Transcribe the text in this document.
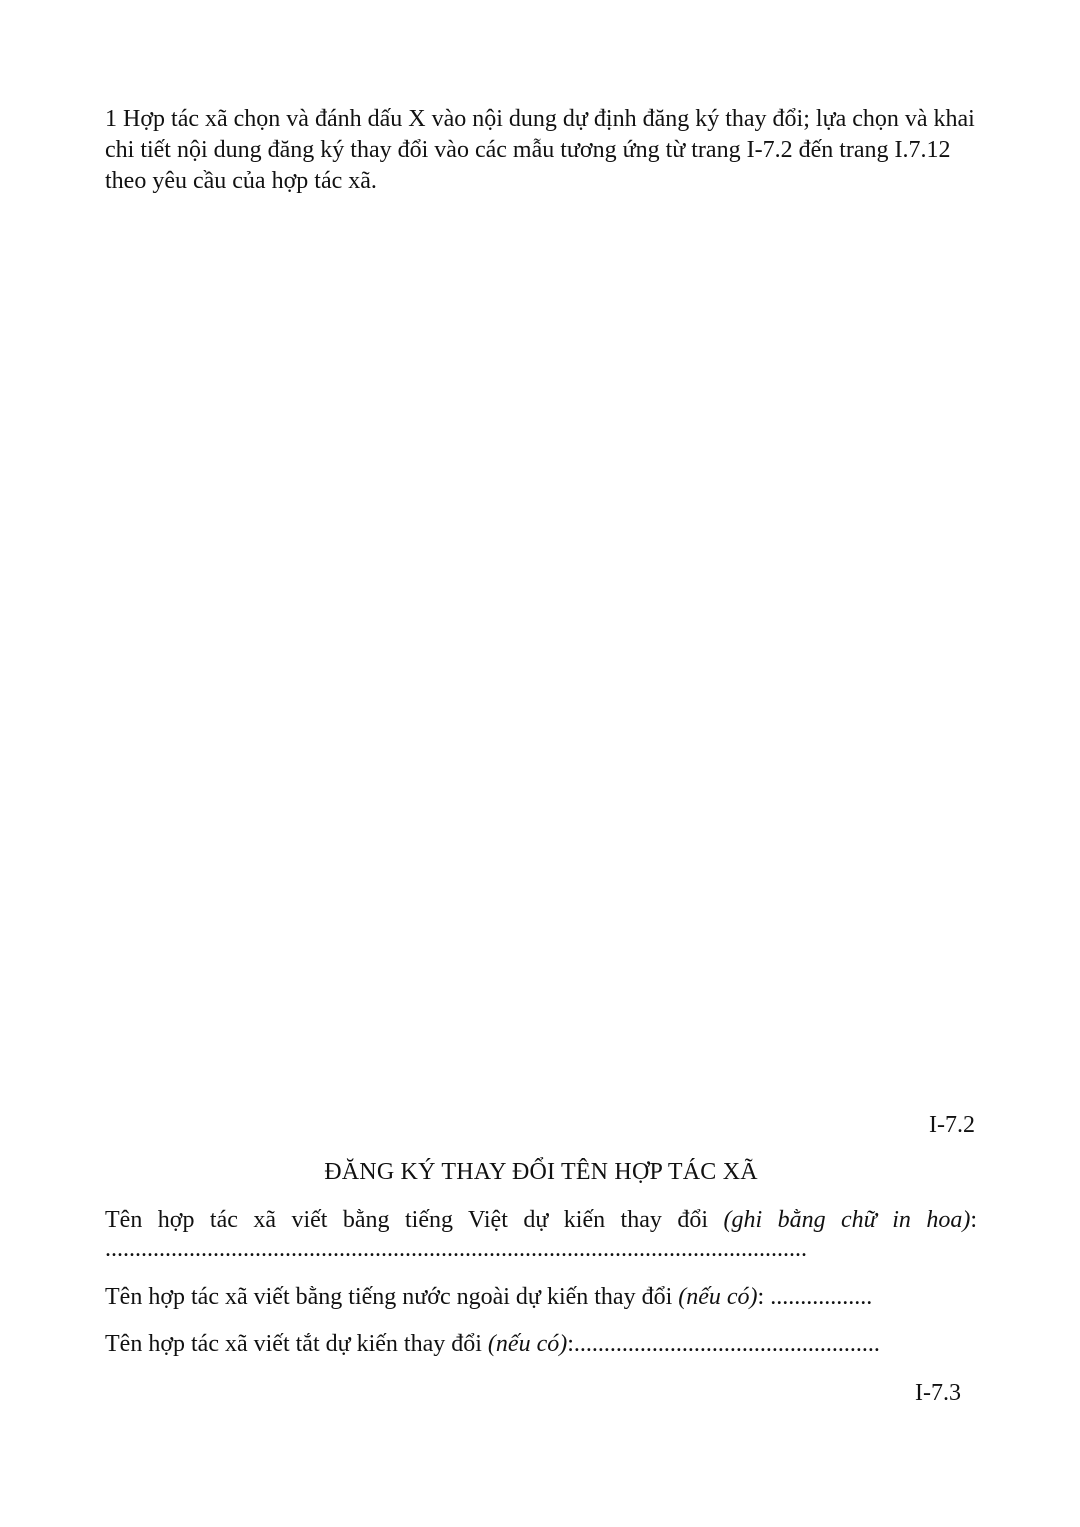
1 Hợp tác xã chọn và đánh dấu X vào nội dung dự định đăng ký thay đổi; lựa chọn và khai chi tiết nội dung đăng ký thay đổi vào các mẫu tương ứng từ trang I-7.2 đến trang I.7.12 theo yêu cầu của hợp tác xã.

I-7.2

ĐĂNG KÝ THAY ĐỔI TÊN HỢP TÁC XÃ

Tên hợp tác xã viết bằng tiếng Việt dự kiến thay đổi (ghi bằng chữ in hoa): .....................................................................................................................

Tên hợp tác xã viết bằng tiếng nước ngoài dự kiến thay đổi (nếu có): .................

Tên hợp tác xã viết tắt dự kiến thay đổi (nếu có):...................................................

I-7.3
